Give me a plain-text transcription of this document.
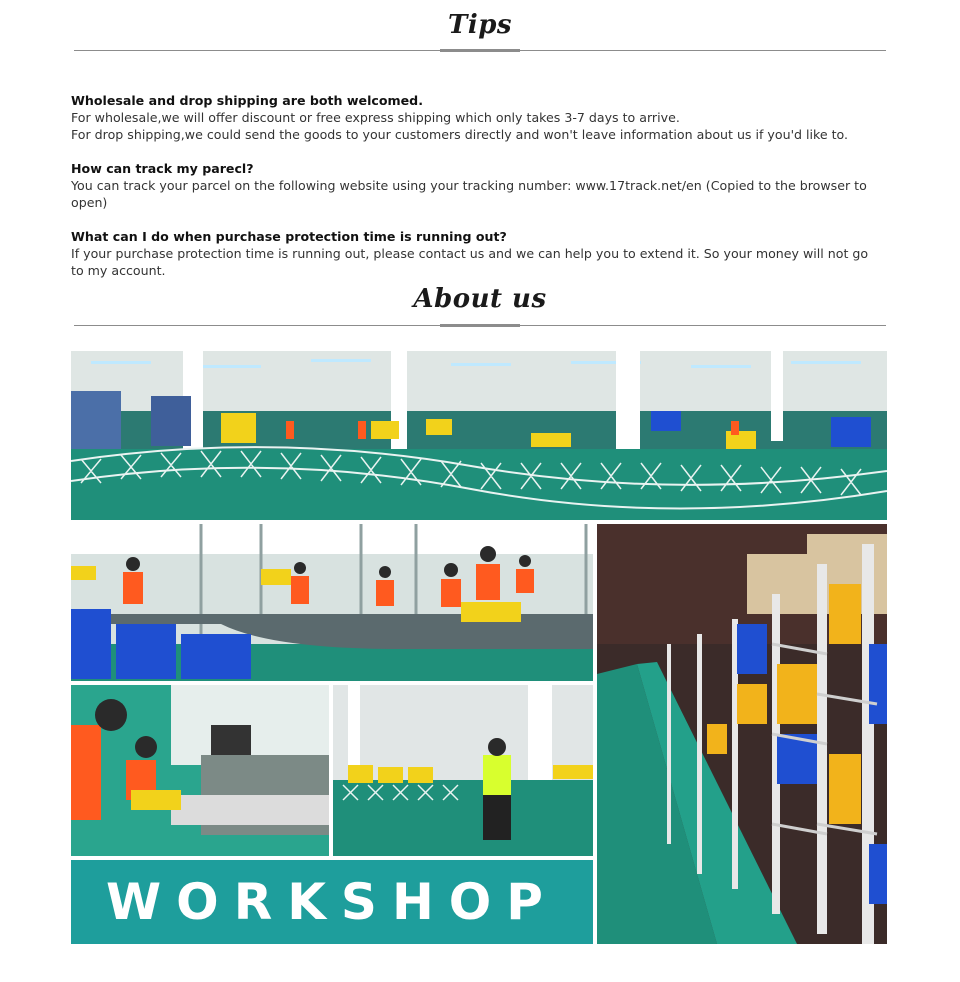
Tips
Wholesale and drop shipping are both welcomed.
For wholesale,we will offer discount or free express shipping which only takes 3-7 days to arrive.
For drop shipping,we could send the goods to your customers directly and won't leave information about us if you'd like to.
How can track my parecl?
You can track your parcel on the following website using your tracking number: www.17track.net/en (Copied to the browser to open)
What can I do when purchase protection time is running out?
If your purchase protection time is running out, please contact us and we can help you to extend it. So your money will not go to my account.
About us
WORKSHOP
